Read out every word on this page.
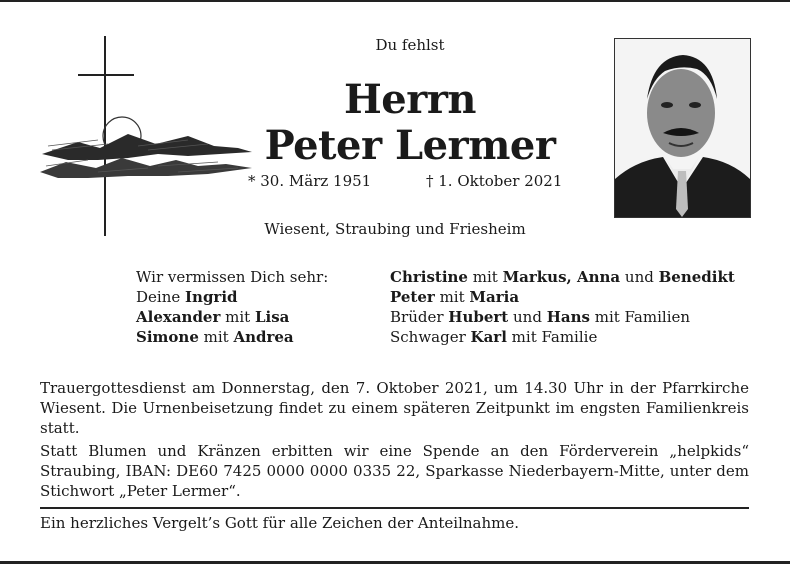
Du fehlst
Herrn
Peter Lermer
* 30. März 1951	† 1. Oktober 2021
Wiesent, Straubing und Friesheim
Wir vermissen Dich sehr:
Deine Ingrid
Alexander mit Lisa
Simone mit Andrea
Christine mit Markus, Anna und Benedikt
Peter mit Maria
Brüder Hubert und Hans mit Familien
Schwager Karl mit Familie
Trauergottesdienst am Donnerstag, den 7. Oktober 2021, um 14.30 Uhr in der Pfarrkirche Wiesent. Die Urnenbeisetzung findet zu einem späteren Zeitpunkt im engsten Familienkreis statt.
Statt Blumen und Kränzen erbitten wir eine Spende an den Förderverein „helpkids“ Straubing, IBAN: DE60 7425 0000 0000 0335 22, Sparkasse Niederbayern-Mitte, unter dem Stichwort „Peter Lermer“.
Ein herzliches Vergelt’s Gott für alle Zeichen der Anteilnahme.
